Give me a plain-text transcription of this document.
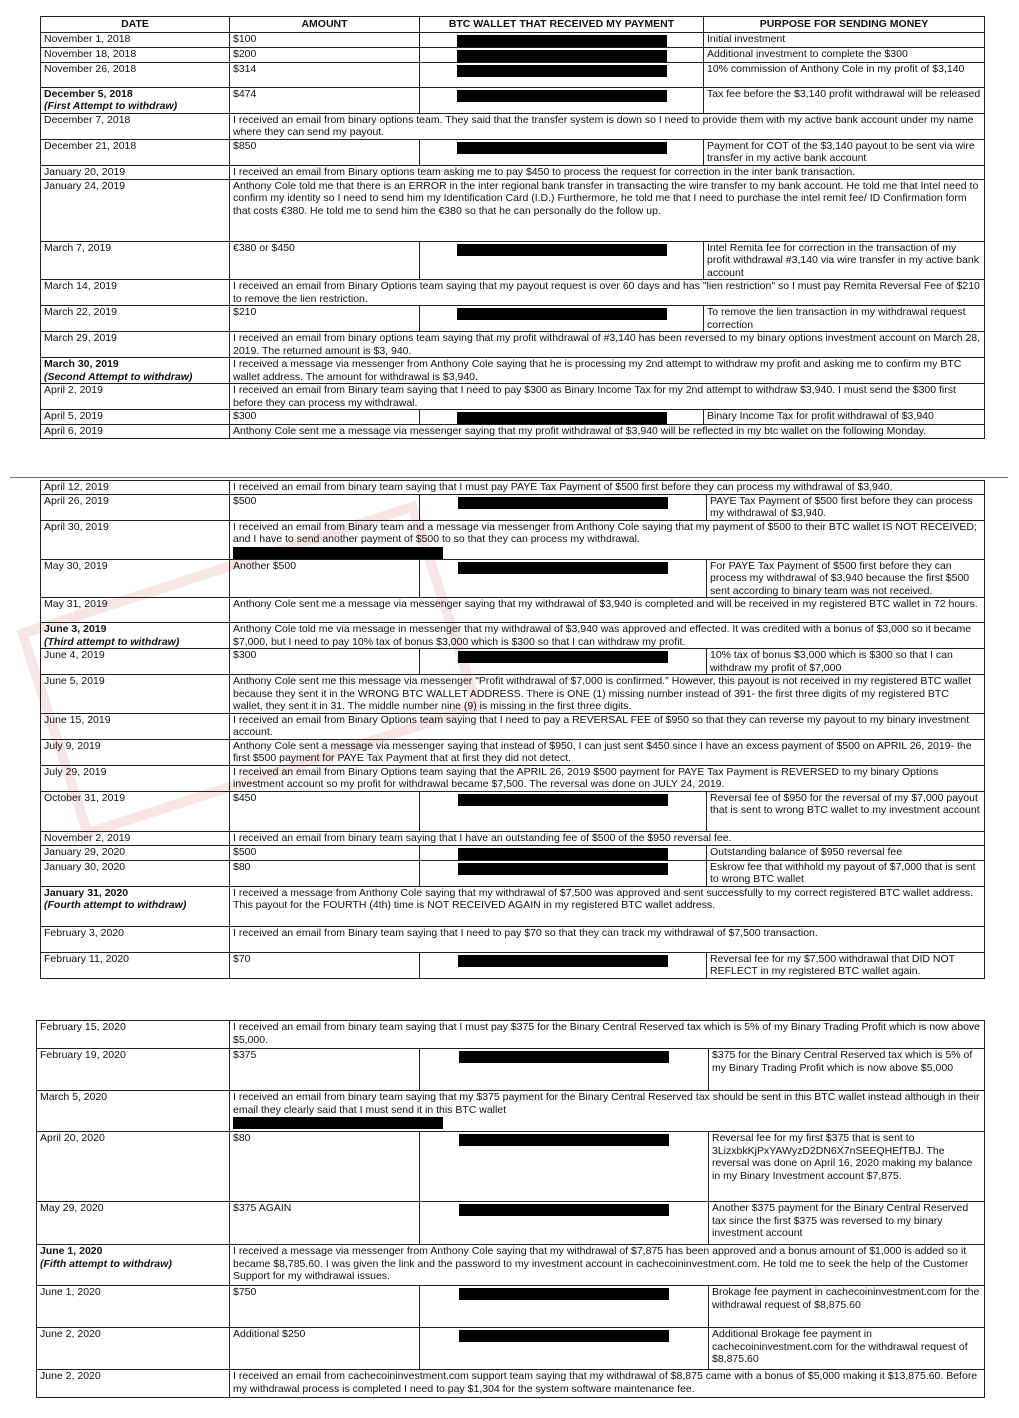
DATE	AMOUNT	BTC WALLET THAT RECEIVED MY PAYMENT	PURPOSE FOR SENDING MONEY
November 1, 2018	$100		Initial investment
November 18, 2018	$200		Additional investment to complete the $300
November 26, 2018	$314		10% commission of Anthony Cole in my profit of $3,140

December 5, 2018
(First Attempt to withdraw)	$474		Tax fee before the $3,140 profit withdrawal will be released
December 7, 2018	I received an email from binary options team. They said that the transfer system is down so I need to provide them with my active bank account under my name where they can send my payout.		
December 21, 2018	$850		Payment for COT of the $3,140 payout to be sent via wire transfer in my active bank account
January 20, 2019	I received an email from Binary options team asking me to pay $450 to process the request for correction in the inter bank transaction.		
January 24, 2019	Anthony Cole told me that there is an ERROR in the inter regional bank transfer in transacting the wire transfer to my bank account. He told me that Intel need to confirm my identity so I need to send him my Identification Card (I.D.) Furthermore, he told me that I need to purchase the intel remit fee/ ID Confirmation form that costs €380. He told me to send him the €380 so that he can personally do the follow up.		
March 7, 2019	€380 or $450		Intel Remita fee for correction in the transaction of my profit withdrawal #3,140 via wire transfer in my active bank account
March 14, 2019	I received an email from Binary Options team saying that my payout request is over 60 days and has "lien restriction" so I must pay Remita Reversal Fee of $210 to remove the lien restriction.		
March 22, 2019	$210		To remove the lien transaction in my withdrawal request correction
March 29, 2019	I received an email from binary options team saying that my profit withdrawal of #3,140 has been reversed to my binary options investment account on March 28, 2019. The returned amount is $3, 940.		

March 30, 2019
(Second Attempt to withdraw)	I received a message via messenger from Anthony Cole saying that he is processing my 2nd attempt to withdraw my profit and asking me to confirm my BTC wallet address. The amount for withdrawal is $3,940.		
April 2, 2019	I received an email from Binary team saying that I need to pay $300 as Binary Income Tax for my 2nd attempt to withdraw $3,940. I must send the $300 first before they can process my withdrawal.		
April 5, 2019	$300		Binary Income Tax for profit withdrawal of $3,940
April 6, 2019	Anthony Cole sent me a message via messenger saying that my profit withdrawal of $3,940 will be reflected in my btc wallet on the following Monday.		
April 12, 2019	I received an email from binary team saying that I must pay PAYE Tax Payment of $500 first before they can process my withdrawal of $3,940.		
April 26, 2019	$500		PAYE Tax Payment of $500 first before they can process my withdrawal of $3,940.
April 30, 2019	I received an email from Binary team and a message via messenger from Anthony Cole saying that my payment of $500 to their BTC wallet IS NOT RECEIVED; and I have to send another payment of $500 to so that they can process my withdrawal.		

May 30, 2019	Another $500		For PAYE Tax Payment of $500 first before they can process my withdrawal of $3,940 because the first $500 sent according to binary team was not received.
May 31, 2019	Anthony Cole sent me a message via messenger saying that my withdrawal of $3,940 is completed and will be received in my registered BTC wallet in 72 hours.		

June 3, 2019
(Third attempt to withdraw)	Anthony Cole told me via message in messenger that my withdrawal of $3,940 was approved and effected. It was credited with a bonus of $3,000 so it became $7,000, but I need to pay 10% tax of bonus $3,000 which is $300 so that I can withdraw my profit.		
June 4, 2019	$300		10% tax of bonus $3,000 which is $300 so that I can withdraw my profit of $7,000
June 5, 2019	Anthony Cole sent me this message via messenger "Profit withdrawal of $7,000 is confirmed." However, this payout is not received in my registered BTC wallet because they sent it in the WRONG BTC WALLET ADDRESS. There is ONE (1) missing number instead of 391- the first three digits of my registered BTC wallet, they sent it in 31. The middle number nine (9) is missing in the first three digits.		
June 15, 2019	I received an email from Binary Options team saying that I need to pay a REVERSAL FEE of $950 so that they can reverse my payout to my binary investment account.		
July 9, 2019	Anthony Cole sent a message via messenger saying that instead of $950, I can just sent $450 since I have an excess payment of $500 on APRIL 26, 2019- the first $500 payment for PAYE Tax Payment that at first they did not detect.		
July 29, 2019	I received an email from Binary Options team saying that the APRIL 26, 2019 $500 payment for PAYE Tax Payment is REVERSED to my binary Options investment account so my profit for withdrawal became $7,500. The reversal was done on JULY 24, 2019.		
October 31, 2019	$450		Reversal fee of $950 for the reversal of my $7,000 payout that is sent to wrong BTC wallet to my investment account
November 2, 2019	I received an email from binary team saying that I have an outstanding fee of $500 of the $950 reversal fee.		
January 29, 2020	$500		Outstanding balance of $950 reversal fee
January 30, 2020	$80		Eskrow fee that withhold my payout of $7,000 that is sent to wrong BTC wallet

January 31, 2020
(Fourth attempt to withdraw)	I received a message from Anthony Cole saying that my withdrawal of $7,500 was approved and sent successfully to my correct registered BTC wallet address. This payout for the FOURTH (4th) time is NOT RECEIVED AGAIN in my registered BTC wallet address.		
February 3, 2020	I received an email from Binary team saying that I need to pay $70 so that they can track my withdrawal of $7,500 transaction.		
February 11, 2020	$70		Reversal fee for my $7,500 withdrawal that DID NOT REFLECT in my registered BTC wallet again.
February 15, 2020	I received an email from binary team saying that I must pay $375 for the Binary Central Reserved tax which is 5% of my Binary Trading Profit which is now above $5,000.		
February 19, 2020	$375		$375 for the Binary Central Reserved tax which is 5% of my Binary Trading Profit which is now above $5,000
March 5, 2020	I received an email from binary team saying that my $375 payment for the Binary Central Reserved tax should be sent in this BTC wallet instead although in their email they clearly said that I must send it in this BTC wallet		

April 20, 2020	$80		Reversal fee for my first $375 that is sent to 3LizxbkKjPxYAWyzD2DN6X7nSEEQHEfTBJ. The reversal was done on April 16, 2020 making my balance in my Binary Investment account $7,875.
May 29, 2020	$375 AGAIN		Another $375 payment for the Binary Central Reserved tax since the first $375 was reversed to my binary investment account

June 1, 2020
(Fifth attempt to withdraw)	I received a message via messenger from Anthony Cole saying that my withdrawal of $7,875 has been approved and a bonus amount of $1,000 is added so it became $8,785.60. I was given the link and the password to my investment account in cachecoininvestment.com. He told me to seek the help of the Customer Support for my withdrawal issues.		
June 1, 2020	$750		Brokage fee payment in cachecoininvestment.com for the withdrawal request of $8,875.60
June 2, 2020	Additional $250		Additional Brokage fee payment in cachecoininvestment.com for the withdrawal request of $8,875.60
June 2, 2020	I received an email from cachecoininvestment.com support team saying that my withdrawal of $8,875 came with a bonus of $5,000 making it $13,875.60. Before my withdrawal process is completed I need to pay $1,304 for the system software maintenance fee.		
